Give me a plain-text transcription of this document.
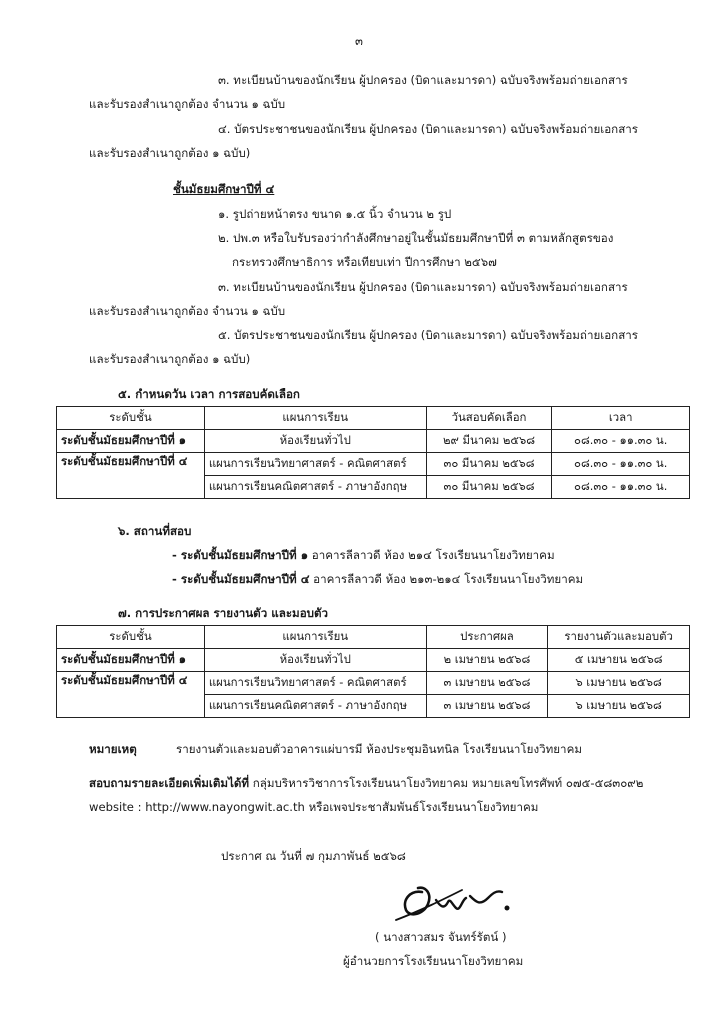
๓
๓. ทะเบียนบ้านของนักเรียน ผู้ปกครอง (บิดาและมารดา) ฉบับจริงพร้อมถ่ายเอกสาร
และรับรองสำเนาถูกต้อง จำนวน ๑ ฉบับ
๔. บัตรประชาชนของนักเรียน ผู้ปกครอง (บิดาและมารดา) ฉบับจริงพร้อมถ่ายเอกสาร
และรับรองสำเนาถูกต้อง ๑ ฉบับ)
ชั้นมัธยมศึกษาปีที่ ๔
๑. รูปถ่ายหน้าตรง ขนาด ๑.๕ นิ้ว จำนวน ๒ รูป
๒. ปพ.๓ หรือใบรับรองว่ากำลังศึกษาอยู่ในชั้นมัธยมศึกษาปีที่ ๓ ตามหลักสูตรของ
กระทรวงศึกษาธิการ หรือเทียบเท่า ปีการศึกษา ๒๕๖๗
๓. ทะเบียนบ้านของนักเรียน ผู้ปกครอง (บิดาและมารดา) ฉบับจริงพร้อมถ่ายเอกสาร
และรับรองสำเนาถูกต้อง จำนวน ๑ ฉบับ
๕. บัตรประชาชนของนักเรียน ผู้ปกครอง (บิดาและมารดา) ฉบับจริงพร้อมถ่ายเอกสาร
และรับรองสำเนาถูกต้อง ๑ ฉบับ)
๕. กำหนดวัน เวลา การสอบคัดเลือก
ระดับชั้น	แผนการเรียน	วันสอบคัดเลือก	เวลา
ระดับชั้นมัธยมศึกษาปีที่ ๑	ห้องเรียนทั่วไป	๒๙ มีนาคม ๒๕๖๘	๐๘.๓๐ - ๑๑.๓๐ น.
ระดับชั้นมัธยมศึกษาปีที่ ๔	แผนการเรียนวิทยาศาสตร์ - คณิตศาสตร์	๓๐ มีนาคม ๒๕๖๘	๐๘.๓๐ - ๑๑.๓๐ น.
	แผนการเรียนคณิตศาสตร์ - ภาษาอังกฤษ	๓๐ มีนาคม ๒๕๖๘	๐๘.๓๐ - ๑๑.๓๐ น.
๖. สถานที่สอบ
- ระดับชั้นมัธยมศึกษาปีที่ ๑ อาคารลีลาวดี ห้อง ๒๑๔ โรงเรียนนาโยงวิทยาคม
- ระดับชั้นมัธยมศึกษาปีที่ ๔ อาคารลีลาวดี ห้อง ๒๑๓-๒๑๔ โรงเรียนนาโยงวิทยาคม
๗. การประกาศผล รายงานตัว และมอบตัว
ระดับชั้น	แผนการเรียน	ประกาศผล	รายงานตัวและมอบตัว
ระดับชั้นมัธยมศึกษาปีที่ ๑	ห้องเรียนทั่วไป	๒ เมษายน ๒๕๖๘	๕ เมษายน ๒๕๖๘
ระดับชั้นมัธยมศึกษาปีที่ ๔	แผนการเรียนวิทยาศาสตร์ - คณิตศาสตร์	๓ เมษายน ๒๕๖๘	๖ เมษายน ๒๕๖๘
	แผนการเรียนคณิตศาสตร์ - ภาษาอังกฤษ	๓ เมษายน ๒๕๖๘	๖ เมษายน ๒๕๖๘
หมายเหตุ	รายงานตัวและมอบตัวอาคารแผ่บารมี ห้องประชุมอินทนิล โรงเรียนนาโยงวิทยาคม
สอบถามรายละเอียดเพิ่มเติมได้ที่ กลุ่มบริหารวิชาการโรงเรียนนาโยงวิทยาคม หมายเลขโทรศัพท์ ๐๗๕-๕๘๓๐๙๒
website : http://www.nayongwit.ac.th หรือเพจประชาสัมพันธ์โรงเรียนนาโยงวิทยาคม
ประกาศ ณ วันที่ ๗ กุมภาพันธ์ ๒๕๖๘
( นางสาวสมร จันทร์รัตน์ )
ผู้อำนวยการโรงเรียนนาโยงวิทยาคม
